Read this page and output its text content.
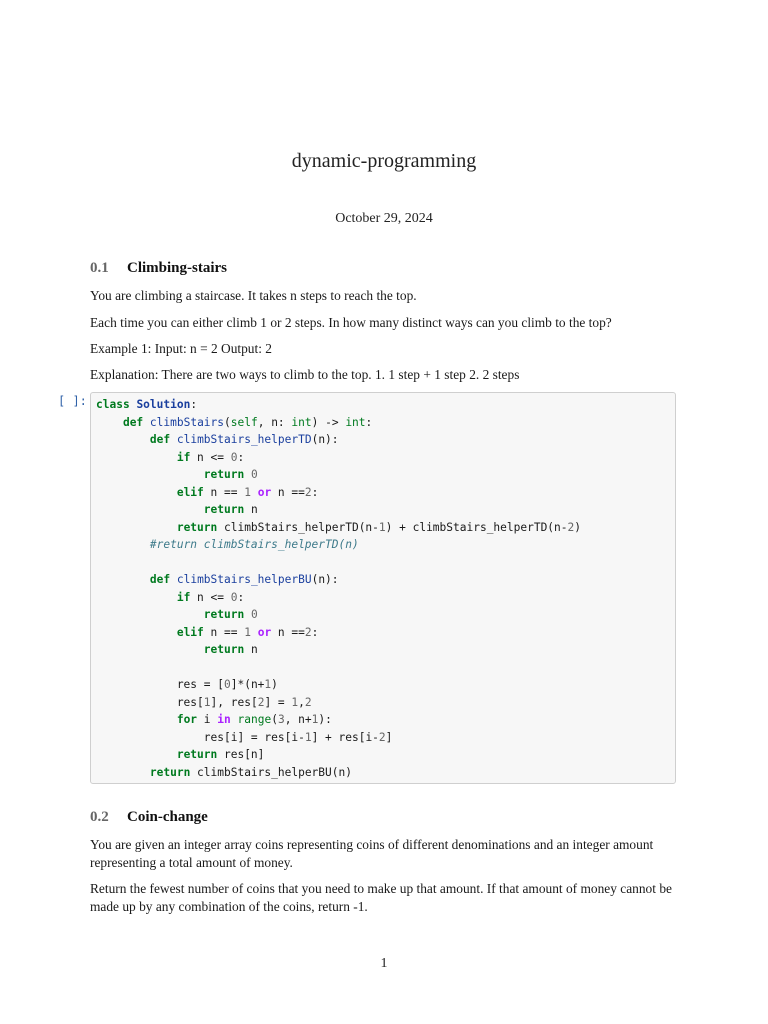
dynamic-programming
October 29, 2024
0.1 Climbing-stairs
You are climbing a staircase. It takes n steps to reach the top.
Each time you can either climb 1 or 2 steps. In how many distinct ways can you climb to the top?
Example 1: Input: n = 2 Output: 2
Explanation: There are two ways to climb to the top. 1. 1 step + 1 step 2. 2 steps
[ ]: class Solution:
def climbStairs(self, n: int) -> int:
def climbStairs_helperTD(n):
if n <= 0:
return 0
elif n == 1 or n ==2:
return n
return climbStairs_helperTD(n-1) + climbStairs_helperTD(n-2)
#return climbStairs_helperTD(n)

def climbStairs_helperBU(n):
if n <= 0:
return 0
elif n == 1 or n ==2:
return n

res = [0]*(n+1)
res[1], res[2] = 1,2
for i in range(3, n+1):
res[i] = res[i-1] + res[i-2]
return res[n]
return climbStairs_helperBU(n)
0.2 Coin-change
You are given an integer array coins representing coins of different denominations and an integer amount representing a total amount of money.
Return the fewest number of coins that you need to make up that amount. If that amount of money cannot be made up by any combination of the coins, return -1.
1
